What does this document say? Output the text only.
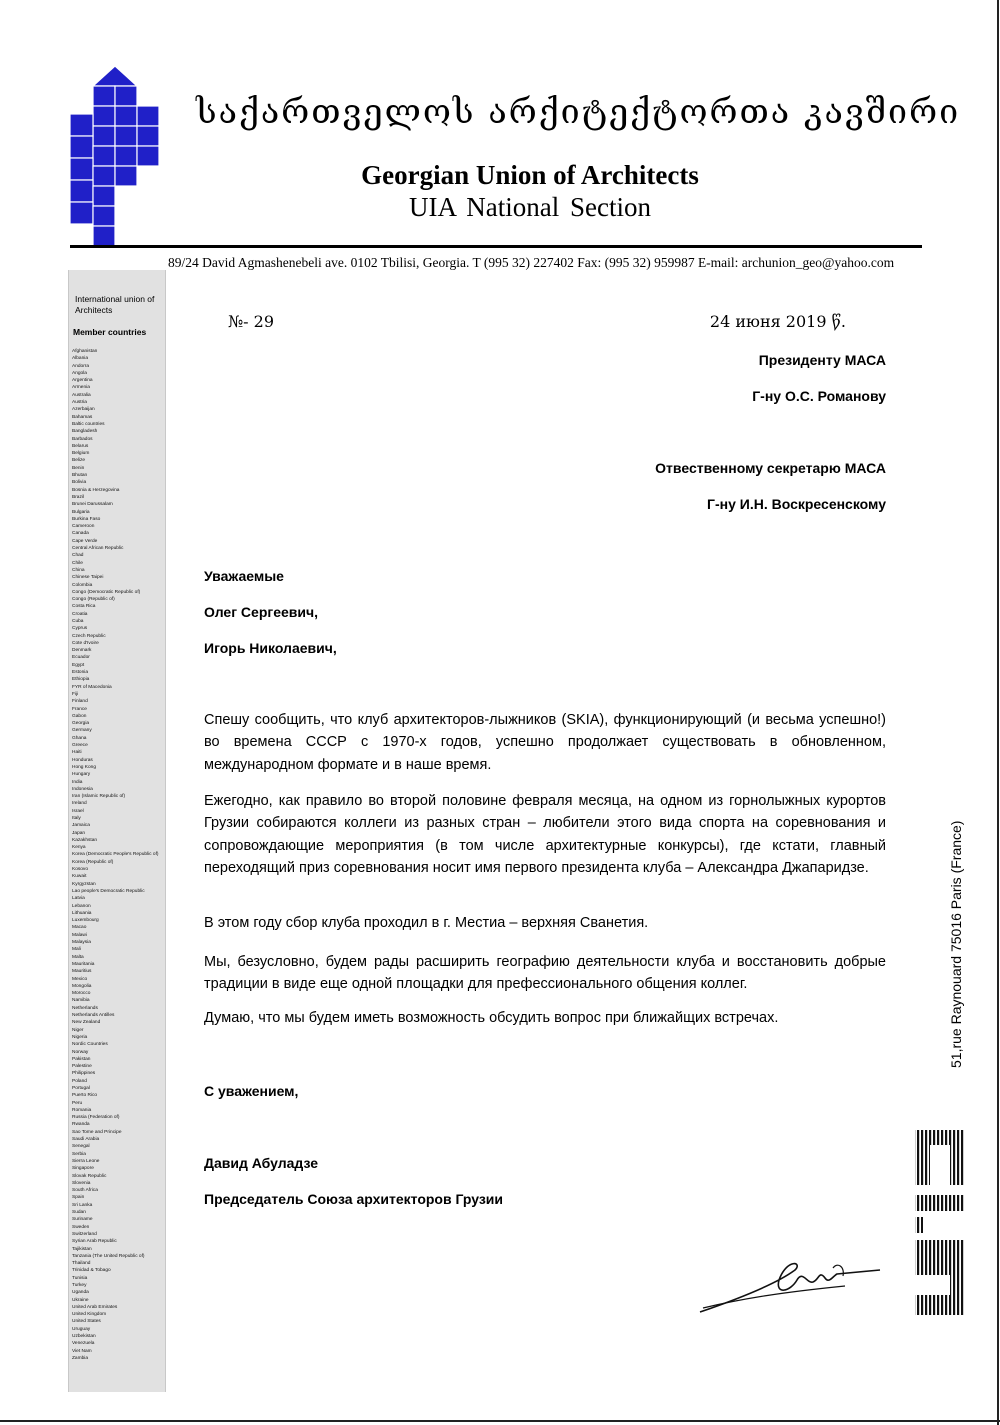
საქართველოს არქიტექტორთა კავშირი
Georgian Union of Architects
UIA National Section
89/24 David Agmashenebeli ave. 0102 Tbilisi, Georgia. T (995 32) 227402 Fax: (995 32) 959987 E-mail: archunion_geo@yahoo.com
International union of Architects
Member countries
Afghanistan
Albania
Andorra
Angola
Argentina
Armenia
Australia
Austria
Azerbaijan
Bahamas
Baltic countries
Bangladesh
Barbados
Belarus
Belgium
Belize
Benin
Bhutan
Bolivia
Bosnia & Herzegovina
Brazil
Brunei Darussalam
Bulgaria
Burkina Faso
Cameroon
Canada
Cape Verde
Central African Republic
Chad
Chile
China
Chinese Taipei
Colombia
Congo (Democratic Republic of)
Congo (Republic of)
Costa Rica
Croatia
Cuba
Cyprus
Czech Republic
Cote d'Ivoire
Denmark
Ecuador
Egypt
Estonia
Ethiopia
FYR of Macedonia
Fiji
Finland
France
Gabon
Georgia
Germany
Ghana
Greece
Haiti
Honduras
Hong Kong
Hungary
India
Indonesia
Iran (Islamic Republic of)
Ireland
Israel
Italy
Jamaica
Japan
Kazakhstan
Kenya
Korea (Democratic People's Republic of)
Korea (Republic of)
Kosovo
Kuwait
Kyrgyzstan
Lao people's Democratic Republic
Latvia
Lebanon
Lithuania
Luxembourg
Macao
Malawi
Malaysia
Mali
Malta
Mauritania
Mauritius
Mexico
Mongolia
Morocco
Namibia
Netherlands
Netherlands Antilles
New Zealand
Niger
Nigeria
Nordic Countries
Norway
Pakistan
Palestine
Philippines
Poland
Portugal
Puerto Rico
Peru
Romania
Russia (Federation of)
Rwanda
Sao Tome and Principe
Saudi Arabia
Senegal
Serbia
Sierra Leone
Singapore
Slovak Republic
Slovenia
South Africa
Spain
Sri Lanka
Sudan
Suriname
Sweden
Switzerland
Syrian Arab Republic
Tajikistan
Tanzania (The United Republic of)
Thailand
Trinidad & Tobago
Tunisia
Turkey
Uganda
Ukraine
United Arab Emirates
United Kingdom
United States
Uruguay
Uzbekistan
Venezuela
Viet Nam
Zambia
№- 29	24 июня 2019 წ.
Президенту МАСА
Г-ну О.С. Романову
Отвественному секретарю МАСА
Г-ну И.Н. Воскресенскому
Уважаемые
Олег Сергеевич,
Игорь Николаевич,
Спешу сообщить, что клуб архитекторов-лыжников (SKIA), функционирующий (и весьма успешно!) во времена СССР с 1970-х годов, успешно продолжает существовать в обновленном, международном формате и в наше время.
Ежегодно, как правило во второй половине февраля месяца, на одном из горнолыжных курортов Грузии собираются коллеги из разных стран – любители этого вида спорта на соревнования и сопровождающие мероприятия (в том числе архитектурные конкурсы), где кстати, главный переходящий приз соревнования носит имя первого президента клуба – Александра Джапаридзе.
В этом году сбор клуба проходил в г. Местиа – верхняя Сванетия.
Мы, безусловно, будем рады расширить географию деятельности клуба и восстановить добрые традиции в виде еще одной площадки для префессионального общения коллег.
Думаю, что мы будем иметь возможность обсудить вопрос при ближайщих встречах.
С уважением,
Давид Абуладзе
Председатель Союза архитекторов Грузии
51,rue Raynouard 75016 Paris (France)
uia
